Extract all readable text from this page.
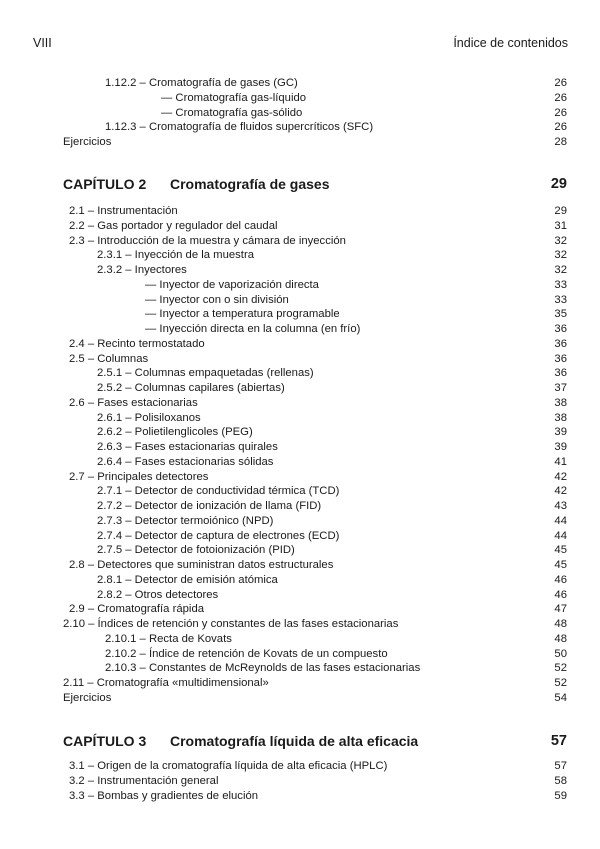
VIII	Índice de contenidos
1.12.2 – Cromatografía de gases (GC)	26
— Cromatografía gas-líquido	26
— Cromatografía gas-sólido	26
1.12.3 – Cromatografía de fluidos supercríticos (SFC)	26
Ejercicios	28
CAPÍTULO 2 Cromatografía de gases	29
2.1 – Instrumentación	29
2.2 – Gas portador y regulador del caudal	31
2.3 – Introducción de la muestra y cámara de inyección	32
2.3.1 – Inyección de la muestra	32
2.3.2 – Inyectores	32
— Inyector de vaporización directa	33
— Inyector con o sin división	33
— Inyector a temperatura programable	35
— Inyección directa en la columna (en frío)	36
2.4 – Recinto termostatado	36
2.5 – Columnas	36
2.5.1 – Columnas empaquetadas (rellenas)	36
2.5.2 – Columnas capilares (abiertas)	37
2.6 – Fases estacionarias	38
2.6.1 – Polisiloxanos	38
2.6.2 – Polietilenglicoles (PEG)	39
2.6.3 – Fases estacionarias quirales	39
2.6.4 – Fases estacionarias sólidas	41
2.7 – Principales detectores	42
2.7.1 – Detector de conductividad térmica (TCD)	42
2.7.2 – Detector de ionización de llama (FID)	43
2.7.3 – Detector termoiónico (NPD)	44
2.7.4 – Detector de captura de electrones (ECD)	44
2.7.5 – Detector de fotoionización (PID)	45
2.8 – Detectores que suministran datos estructurales	45
2.8.1 – Detector de emisión atómica	46
2.8.2 – Otros detectores	46
2.9 – Cromatografía rápida	47
2.10 – Índices de retención y constantes de las fases estacionarias	48
2.10.1 – Recta de Kovats	48
2.10.2 – Índice de retención de Kovats de un compuesto	50
2.10.3 – Constantes de McReynolds de las fases estacionarias	52
2.11 – Cromatografía «multidimensional»	52
Ejercicios	54
CAPÍTULO 3 Cromatografía líquida de alta eficacia	57
3.1 – Origen de la cromatografía líquida de alta eficacia (HPLC)	57
3.2 – Instrumentación general	58
3.3 – Bombas y gradientes de elución	59
